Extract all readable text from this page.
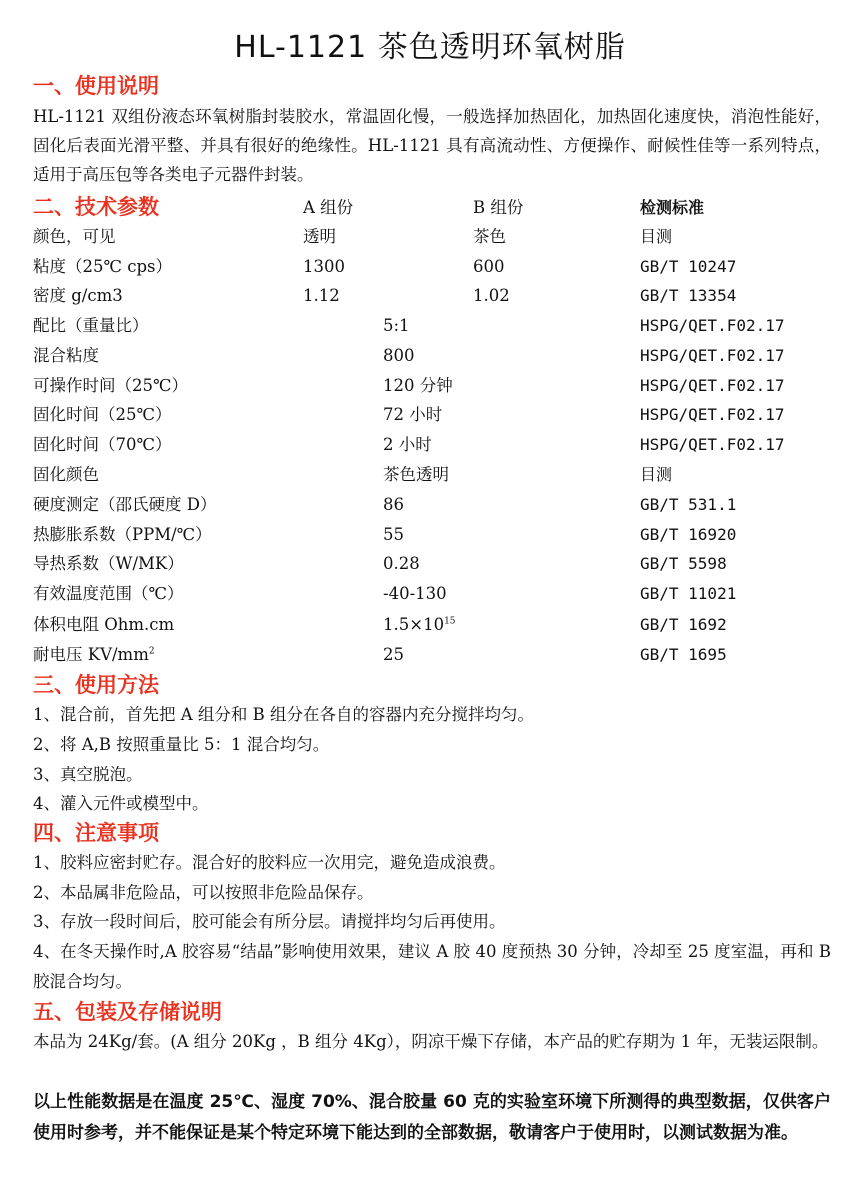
HL-1121 茶色透明环氧树脂
一、使用说明
HL-1121 双组份液态环氧树脂封装胶水，常温固化慢，一般选择加热固化，加热固化速度快，消泡性能好，固化后表面光滑平整、并具有很好的绝缘性。HL-1121 具有高流动性、方便操作、耐候性佳等一系列特点，适用于高压包等各类电子元器件封装。
二、技术参数	A 组份	B 组份	检测标准
颜色，可见	透明	茶色	目测
粘度（25℃ cps）	1300	600	GB/T 10247
密度 g/cm3	1.12	1.02	GB/T 13354
配比（重量比）	5:1	HSPG/QET.F02.17
混合粘度	800	HSPG/QET.F02.17
可操作时间（25℃）	120 分钟	HSPG/QET.F02.17
固化时间（25℃）	72 小时	HSPG/QET.F02.17
固化时间（70℃）	2 小时	HSPG/QET.F02.17
固化颜色	茶色透明	目测
硬度测定（邵氏硬度 D）	86	GB/T 531.1
热膨胀系数（PPM/℃）	55	GB/T 16920
导热系数（W/MK）	0.28	GB/T 5598
有效温度范围（℃）	-40-130	GB/T 11021
体积电阻 Ohm.cm	$1.5\times 10^{15}$	GB/T 1692
耐电压 $KV/mm^2$	25	GB/T 1695
三、使用方法
1、混合前，首先把 A 组分和 B 组分在各自的容器内充分搅拌均匀。
2、将 A,B 按照重量比 5：1 混合均匀。
3、真空脱泡。
4、灌入元件或模型中。
四、注意事项
1、胶料应密封贮存。混合好的胶料应一次用完，避免造成浪费。
2、本品属非危险品，可以按照非危险品保存。
3、存放一段时间后，胶可能会有所分层。请搅拌均匀后再使用。
4、在冬天操作时,A 胶容易“结晶”影响使用效果，建议 A 胶 40 度预热 30 分钟，冷却至 25 度室温，再和 B 胶混合均匀。
五、包装及存储说明
本品为 24Kg/套。(A 组分 20Kg ，B 组分 4Kg），阴凉干燥下存储，本产品的贮存期为 1 年，无装运限制。
以上性能数据是在温度 25℃、湿度 70%、混合胶量 60 克的实验室环境下所测得的典型数据，仅供客户使用时参考，并不能保证是某个特定环境下能达到的全部数据，敬请客户于使用时，以测试数据为准。
